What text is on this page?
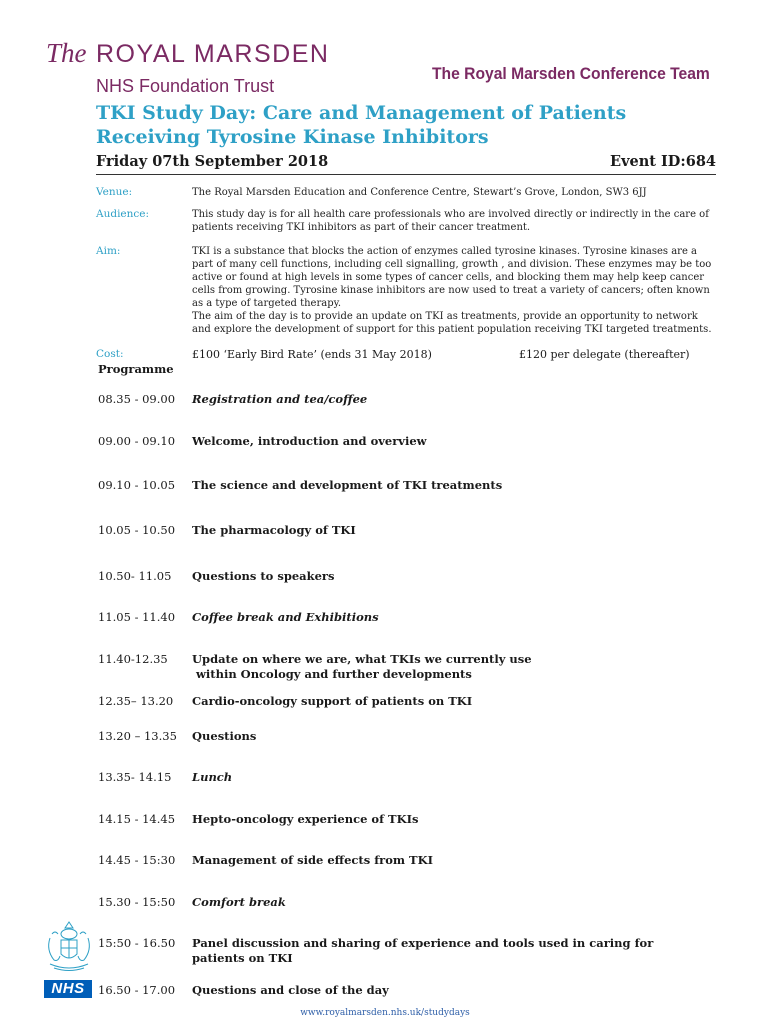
The ROYAL MARSDEN
NHS Foundation Trust
The Royal Marsden Conference Team
TKI Study Day: Care and Management of Patients
Receiving Tyrosine Kinase Inhibitors
Friday 07th September 2018	Event ID:684
Venue:	The Royal Marsden Education and Conference Centre, Stewart’s Grove, London, SW3 6JJ
Audience:	This study day is for all health care professionals who are involved directly or indirectly in the care of patients receiving TKI inhibitors as part of their cancer treatment.
Aim:	TKI is a substance that blocks the action of enzymes called tyrosine kinases. Tyrosine kinases are a part of many cell functions, including cell signalling, growth , and division. These enzymes may be too active or found at high levels in some types of cancer cells, and blocking them may help keep cancer cells from growing. Tyrosine kinase inhibitors are now used to treat a variety of cancers; often known as a type of targeted therapy.
The aim of the day is to provide an update on TKI as treatments, provide an opportunity to network and explore the development of support for this patient population receiving TKI targeted treatments.
Cost:	£100 ‘Early Bird Rate’ (ends 31 May 2018)	£120 per delegate (thereafter)
Programme
08.35 - 09.00	Registration and tea/coffee
09.00 - 09.10	Welcome, introduction and overview
09.10 - 10.05	The science and development of TKI treatments
10.05 - 10.50	The pharmacology of TKI
10.50- 11.05	Questions to speakers
11.05 - 11.40	Coffee break and Exhibitions
11.40-12.35	Update on where we are, what TKIs we currently use
within Oncology and further developments
12.35– 13.20	Cardio-oncology support of patients on TKI
13.20 – 13.35	Questions
13.35- 14.15	Lunch
14.15 - 14.45	Hepto-oncology experience of TKIs
14.45 - 15:30	Management of side effects from TKI
15.30 - 15:50	Comfort break
15:50 - 16.50	Panel discussion and sharing of experience and tools used in caring for
patients on TKI
16.50 - 17.00	Questions and close of the day
NHS
www.royalmarsden.nhs.uk/studydays
